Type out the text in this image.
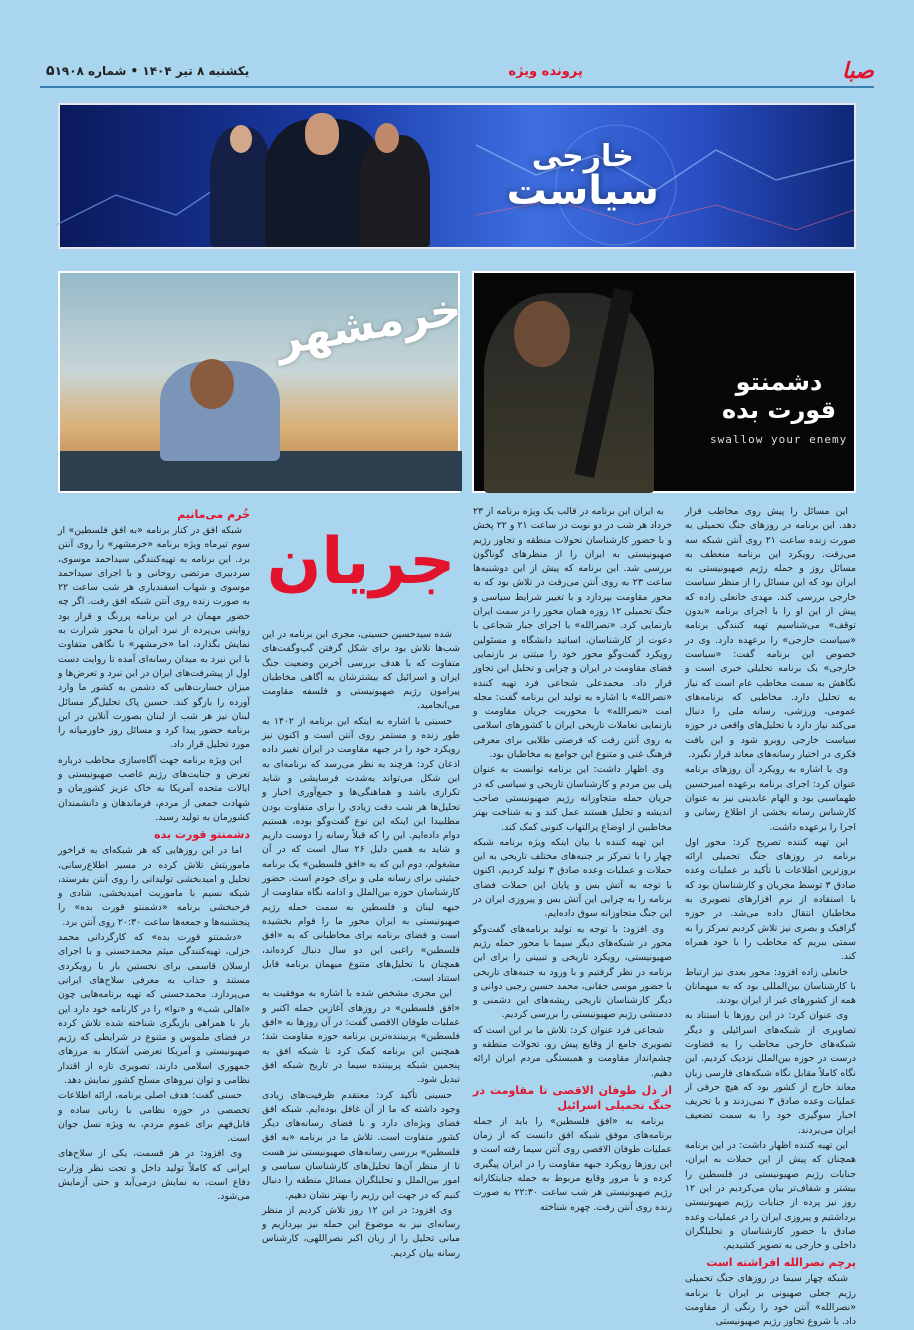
صبا
پرونده ویژه
یکشنبه ۸ تیر ۱۴۰۴ • شماره ۱۹۰۸
۵
خارجی
سیاست
خرمشهر
دشمنتو
قورت بده
swallow your enemy

این مسائل را پیش روی مخاطب قرار دهد. این برنامه در روزهای جنگ تحمیلی به صورت زنده ساعت ۲۱ روی آنتن شبکه سه می‌رفت. رویکرد این برنامه منعطف به مسائل روز و حمله رژیم صهیونیستی به ایران بود که این مسائل را از منظر سیاست خارجی بررسی کند. مهدی خانعلی زاده که پیش از این او را با اجرای برنامه «بدون توقف» می‌شناسیم تهیه کنندگی برنامه «سیاست خارجی» را برعهده دارد. وی در خصوص این برنامه گفت: «سیاست خارجی» یک برنامه تحلیلی خبری است و نگاهش به سمت مخاطب عام است که نیاز به تحلیل دارد. مخاطبی که برنامه‌های عمومی، ورزشی، رسانه ملی را دنبال می‌کند نیاز دارد با تحلیل‌های واقعی در حوزه سیاست خارجی روبرو شود و این بافت فکری در اختیار رسانه‌های معاند قرار نگیرد.

وی با اشاره به رویکرد آن روزهای برنامه عنوان کرد: اجرای برنامه برعهده امیرحسین طهماسبی بود و الهام عابدینی نیز به عنوان کارشناس رسانه بخشی از اطلاع رسانی و اجرا را برعهده داشت.

این تهیه کننده تصریح کرد: محور اول برنامه در روزهای جنگ تحمیلی ارائه بروزترین اطلاعات با تأکید بر عملیات وعده صادق ۳ توسط مجریان و کارشناسان بود که با استفاده از نرم افزارهای تصویری به مخاطبان انتقال داده می‌شد. در حوزه گرافیک و بصری نیز تلاش کردیم تمرکز را به سمتی ببریم که مخاطب را با خود همراه کند.

خانعلی زاده افزود: محور بعدی نیز ارتباط با کارشناسان بین‌المللی بود که به میهمانان همه از کشورهای غیر از ایران بودند.

وی عنوان کرد: در این روزها با استناد به تصاویری از شبکه‌های اسرائیلی و دیگر شبکه‌های خارجی مخاطب را به قضاوت درست در حوزه بین‌الملل نزدیک کردیم. این نگاه کاملاً مقابل نگاه شبکه‌های فارسی زبان معاند خارج از کشور بود که هیچ حرفی از عملیات وعده صادق ۳ نمی‌زدند و با تحریف اخبار سوگیری خود را به سمت تضعیف ایران می‌بردند.

این تهیه کننده اظهار داشت: در این برنامه همچنان که پیش از این حملات به ایران، جنایات رژیم صهیونیستی در فلسطین را بیشتر و شفاف‌تر بیان می‌کردیم در این ۱۲ روز نیز پرده از جنایات رژیم صهیونیستی برداشتیم و پیروزی ایران را در عملیات وعده صادق با حضور کارشناسان و تحلیلگران داخلی و خارجی به تصویر کشیدیم.

پرچم نصرالله افراشته است

شبکه چهار سیما در روزهای جنگ تحمیلی رژیم جعلی صهیونی بر ایران با برنامه «نصرالله» آنتن خود را رنگی از مقاومت داد. با شروع تجاوز رژیم صهیونیستی

به ایران این برنامه در قالب یک ویژه برنامه از ۲۳ خرداد هر شب در دو نوبت در ساعت ۲۱ و ۲۲ پخش و با حضور کارشناسان تحولات منطقه و تجاوز رژیم صهیونیستی به ایران را از منظرهای گوناگون بررسی شد. این برنامه که پیش از این دوشنبه‌ها ساعت ۲۳ به روی آنتن می‌رفت در تلاش بود که به محور مقاومت بپردازد و با تغییر شرایط سیاسی و جنگ تحمیلی ۱۲ روزه همان محور را در سمت ایران بازنمایی کرد. «نصرالله» با اجرای جبار شجاعی با دعوت از کارشناسان، اساتید دانشگاه و مسئولین رویکرد گفت‌وگو محور خود را مبتنی بر بازنمایی فضای مقاومت در ایران و چرایی و تحلیل این تجاوز قرار داد. محمدعلی شجاعی فرد تهیه کننده «نصرالله» با اشاره به تولید این برنامه گفت: مجله امت «نصرالله» با محوریت جریان مقاومت و بازنمایی تعاملات تاریخی ایران با کشورهای اسلامی به روی آنتن رفت که فرصتی طلایی برای معرفی فرهنگ غنی و متنوع این جوامع به مخاطبان بود.

وی اظهار داشت: این برنامه توانست به عنوان پلی بین مردم و کارشناسان تاریخی و سیاسی که در جریان حمله متجاوزانه رژیم صهیونیستی صاحب اندیشه و تحلیل هستند عمل کند و به شناخت بهتر مخاطبین از اوضاع پرالتهاب کنونی کمک کند.

این تهیه کننده با بیان اینکه ویژه برنامه شبکه چهار را با تمرکز بر جنبه‌های مختلف تاریخی به این حملات و عملیات وعده صادق ۳ تولید کردیم، اکنون با توجه به آتش بس و پایان این حملات فضای برنامه را به چرایی این آتش بس و پیروزی ایران در این جنگ متجاوزانه سوق داده‌ایم.

وی افزود: با توجه به تولید برنامه‌های گفت‌وگو محور در شبکه‌های دیگر سیما با محور حمله رژیم صهیونیستی، رویکرد تاریخی و تبیینی را برای این برنامه در نظر گرفتیم و با ورود به جنبه‌های تاریخی با حضور موسی حقانی، محمد حسین رجبی دوانی و دیگر کارشناسان تاریخی ریشه‌های این دشمنی و ددمنشی رژیم صهیونیستی را بررسی کردیم.

شجاعی فرد عنوان کرد: تلاش ما بر این است که تصویری جامع از وقایع پیش رو، تحولات منطقه و چشم‌انداز مقاومت و همبستگی مردم ایران ارائه دهیم.

از دل طوفان الاقصی تا مقاومت در جنگ تحمیلی اسرائیل

برنامه به «افق فلسطین» را باید از جمله برنامه‌های موفق شبکه افق دانست که از زمان عملیات طوفان الاقصی روی آنتن سیما رفته است و این روزها رویکرد جبهه مقاومت را در ایران پیگیری کرده و با مرور وقایع مربوط به حمله جنایتکارانه رژیم صهیونیستی هر شب ساعت ۲۲:۳۰ به صورت زنده روی آنتن رفت. چهره شناخته

جریان

شده سید‌حسین حسینی، مجری این برنامه در این شب‌ها تلاش بود برای شکل گرفتن گپ‌وگفت‌های متفاوت که با هدف بررسی آخرین وضعیت جنگ ایران و اسرائیل که بیشترشان به آگاهی مخاطبان پیرامون رژیم صهیونیستی و فلسفه مقاومت می‌انجامید.

حسینی با اشاره به اینکه این برنامه از ۱۴۰۲ به طور زنده و مستمر روی آنتن است و اکنون نیز رویکرد خود را در جبهه مقاومت در ایران تغییر داده اذعان کرد: هرچند به نظر می‌رسد که برنامه‌ای به این شکل می‌تواند به‌شدت فرسایشی و شاید تکراری باشد و هماهنگی‌ها و جمع‌آوری اخبار و تحلیل‌ها هر شب دقت زیادی را برای متفاوت بودن مطلبیدا این اینکه این نوع گفت‌وگو بوده، هستیم دوام داده‌ایم. این را که قبلاً رسانه را دوست داریم و شاید به همین دلیل ۲۶ سال است که در آن مشغولم، دوم این که به «افق فلسطین» یک برنامه حیثیتی برای رسانه ملی و برای خودم است. حضور کارشناسان حوزه بین‌الملل و ادامه نگاه مقاومت از جبهه لبنان و فلسطین به سمت حمله رژیم صهیونیستی به ایران محور ما را قوام بخشیده است و فضای برنامه برای مخاطبانی که به «افق فلسطین» راغبی این دو سال دنبال کرده‌اند، همچنان با تحلیل‌های متنوع میهمان برنامه قابل استناد است.

این مجری مشخص شده با اشاره به موفقیت به «افق فلسطین» در روزهای آغازین حمله اکتبر و عملیات طوفان الاقصی گفت: در آن روزها به «افق فلسطین» پربیننده‌ترین برنامه حوزه مقاومت شد؛ همچنین این برنامه کمک کرد تا شبکه افق به پنجمین شبکه پربیننده سیما در تاریخ شبکه افق تبدیل شود.

حسینی تأکید کرد: معتقدم ظرفیت‌های زیادی وجود داشته که ما از آن غافل بوده‌ایم. شبکه افق فضای ویژه‌ای دارد و با فضای رسانه‌های دیگر کشور متفاوت است. تلاش ما در برنامه «به افق فلسطین» بررسی رسانه‌های صهیونیستی نیز هست تا از منظر آن‌ها تحلیل‌های کارشناسان سیاسی و امور بین‌الملل و تحلیلگران مسائل منطقه را دنبال کنیم که در جهت این رژیم را بهتر نشان دهیم.

وی افزود: در این ۱۲ روز تلاش کردیم از منظر رسانه‌ای نیز به موضوع این حمله نیز بپردازیم و مبانی تحلیل را از زبان اکبر نصراللهی، کارشناس رسانه بیان کردیم.

خُرم می‌مانیم

شبکه افق در کنار برنامه «به افق فلسطین» از سوم تیرماه ویژه برنامه «خرمشهر» را روی آنتن برد. این برنامه به تهیه‌کنندگی سیداحمد موسوی، سردبیری مرتضی روحانی و با اجرای سیداحمد موسوی و شهاب اسفندیاری هر شب ساعت ۲۲ به صورت زنده روی آنتن شبکه افق رفت. اگر چه حضور مهمان در این برنامه پررنگ و قرار بود روایتی بی‌پرده از نبرد ایران با محور شرارت به نمایش بگذارد، اما «خرمشهر» با نگاهی متفاوت با این نبرد به میدان رسانه‌ای آمده تا روایت دست اول از پیشرفت‌های ایران در این نبرد و تعرض‌ها و میزان خسارت‌هایی که دشمن به کشور ما وارد آورده را بازگو کند. حسین پاک تحلیل‌گر مسائل لبنان نیز هر شب از لبنان بصورت آنلاین در این برنامه حضور پیدا کرد و مسائل روز خاورمیانه را مورد تحلیل قرار داد.

این ویژه برنامه جهت آگاه‌سازی مخاطب درباره تعرض و جنایت‌های رژیم غاصب صهیونیستی و ایالات متحده آمریکا به خاک عزیز کشورمان و شهادت جمعی از مردم، فرماندهان و دانشمندان کشورمان به تولید رسید.

دشمنتو قورت بده

اما در این روزهایی که هر شبکه‌ای به فراخور ماموریتش تلاش کرده در مسیر اطلاع‌رسانی، تحلیل و امیدبخشی تولیداتی را روی آنتن بفرستد، شبکه نسیم با ماموریت امیدبخشی، شادی و فرحبخشی برنامه «دشمنتو قورت بده» را پنجشنبه‌ها و جمعه‌ها ساعت ۲۰:۳۰ روی آنتن برد.

«دشمنتو قورت بده» که کارگردانی محمد خزلی، تهیه‌کنندگی میثم محمدحسنی و با اجرای ارسلان قاسمی برای نخستین بار با رویکردی مستند و جذاب به معرفی سلاح‌های ایرانی می‌پردازد. محمدحسنی که تهیه برنامه‌هایی چون «اهالی شب» و «نوا» را در کارنامه خود دارد این بار با همراهی بازیگری شناخته شده تلاش کرده در فضای ملموس و متنوع در شرایطی که رژیم صهیونیستی و آمریکا تعرضی آشکار به مرزهای جمهوری اسلامی دارند، تصویری تازه از اقتدار نظامی و توان نیروهای مسلح کشور نمایش دهد.

حسنی گفت: هدف اصلی برنامه، ارائه اطلاعات تخصصی در حوزه نظامی با زبانی ساده و قابل‌فهم برای عموم مردم، به ویژه نسل جوان است.

وی افزود: در هر قسمت، یکی از سلاح‌های ایرانی که کاملاً تولید داخل و تحت نظر وزارت دفاع است، به نمایش درمی‌آید و حتی آزمایش می‌شود.
